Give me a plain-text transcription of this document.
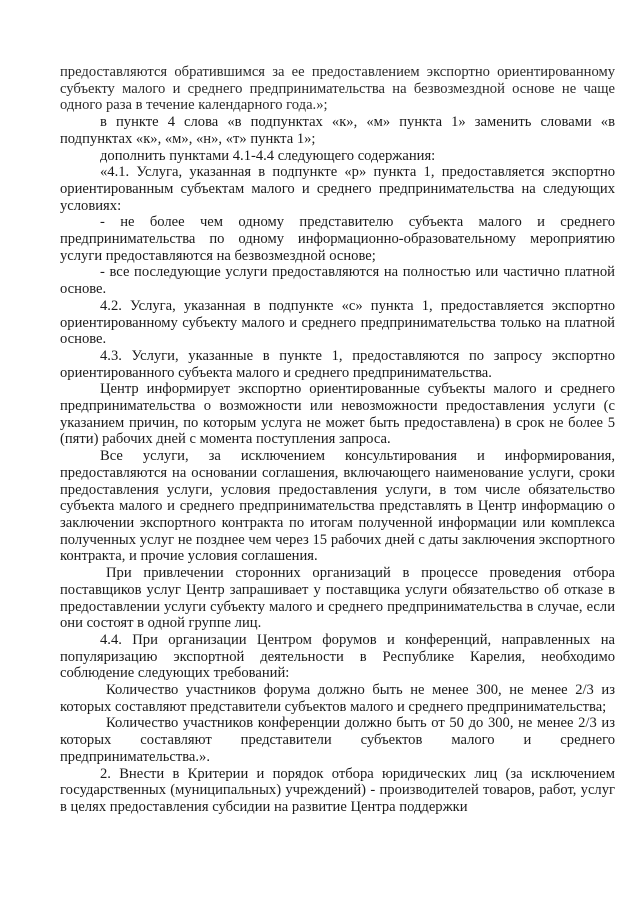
предоставляются обратившимся за ее предоставлением экспортно ориентированному субъекту малого и среднего предпринимательства на безвозмездной основе не чаще одного раза в течение календарного года.»;

в пункте 4 слова «в подпунктах «к», «м» пункта 1» заменить словами «в подпунктах «к», «м», «н», «т» пункта 1»;

дополнить пунктами 4.1-4.4 следующего содержания:

«4.1. Услуга, указанная в подпункте «р» пункта 1, предоставляется экспортно ориентированным субъектам малого и среднего предпринимательства на следующих условиях:

- не более чем одному представителю субъекта малого и среднего предпринимательства по одному информационно-образовательному мероприятию услуги предоставляются на безвозмездной основе;

- все последующие услуги предоставляются на полностью или частично платной основе.

4.2. Услуга, указанная в подпункте «с» пункта 1, предоставляется экспортно ориентированному субъекту малого и среднего предпринимательства только на платной основе.

4.3. Услуги, указанные в пункте 1, предоставляются по запросу экспортно ориентированного субъекта малого и среднего предпринимательства.

Центр информирует экспортно ориентированные субъекты малого и среднего предпринимательства о возможности или невозможности предоставления услуги (с указанием причин, по которым услуга не может быть предоставлена) в срок не более 5 (пяти) рабочих дней с момента поступления запроса.

Все услуги, за исключением консультирования и информирования, предоставляются на основании соглашения, включающего наименование услуги, сроки предоставления услуги, условия предоставления услуги, в том числе обязательство субъекта малого и среднего предпринимательства представлять в Центр информацию о заключении экспортного контракта по итогам полученной информации или комплекса полученных услуг не позднее чем через 15 рабочих дней с даты заключения экспортного контракта, и прочие условия соглашения.

При привлечении сторонних организаций в процессе проведения отбора поставщиков услуг Центр запрашивает у поставщика услуги обязательство об отказе в предоставлении услуги субъекту малого и среднего предпринимательства в случае, если они состоят в одной группе лиц.

4.4. При организации Центром форумов и конференций, направленных на популяризацию экспортной деятельности в Республике Карелия, необходимо соблюдение следующих требований:

Количество участников форума должно быть не менее 300, не менее 2/3 из которых составляют представители субъектов малого и среднего предпринимательства;

Количество участников конференции должно быть от 50 до 300, не менее 2/3 из которых составляют представители субъектов малого и среднего предпринимательства.».

2. Внести в Критерии и порядок отбора юридических лиц (за исключением государственных (муниципальных) учреждений) - производителей товаров, работ, услуг в целях предоставления субсидии на развитие Центра поддержки
